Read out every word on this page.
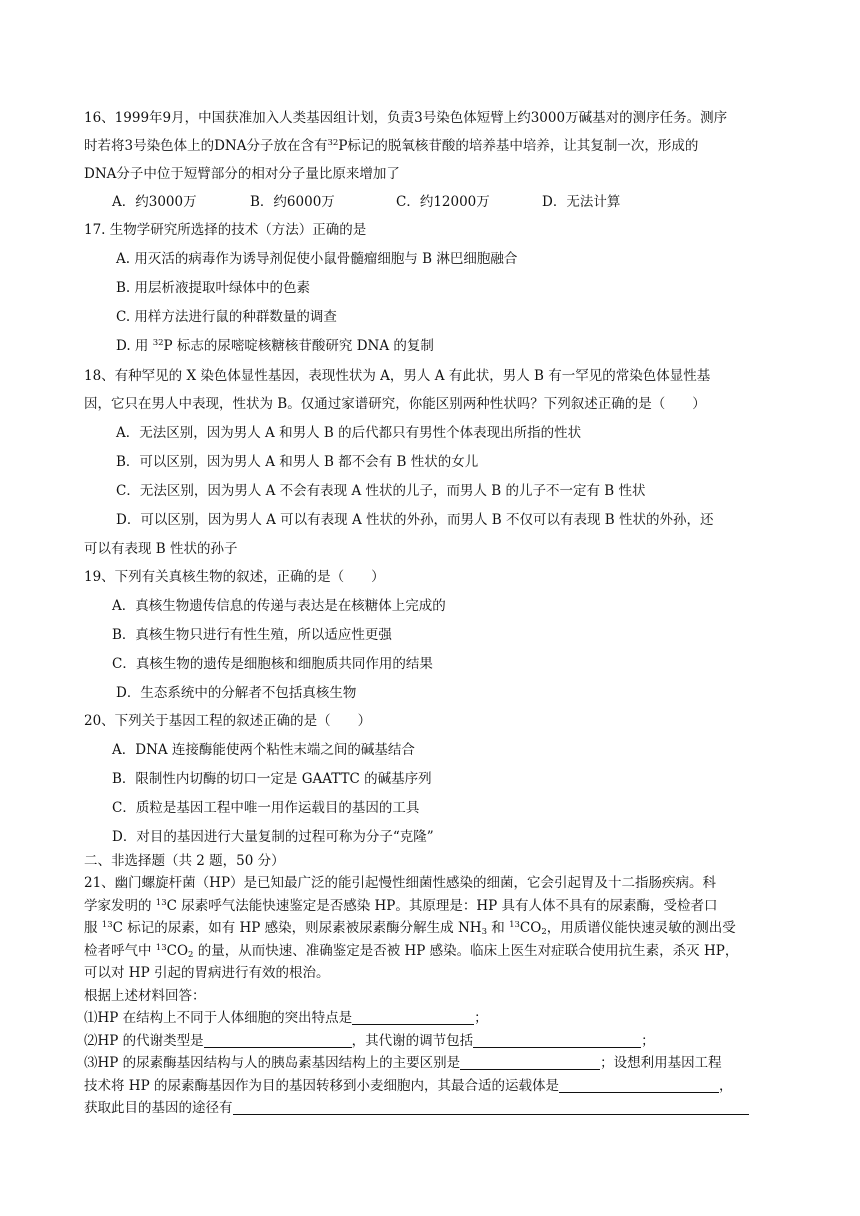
16、1999年9月，中国获准加入人类基因组计划，负责3号染色体短臂上约3000万碱基对的测序任务。测序
时若将3号染色体上的DNA分子放在含有$^{32}$P标记的脱氧核苷酸的培养基中培养，让其复制一次，形成的
DNA分子中位于短臂部分的相对分子量比原来增加了
A．约3000万	B．约6000万	C．约12000万	D．无法计算
17. 生物学研究所选择的技术（方法）正确的是
A. 用灭活的病毒作为诱导剂促使小鼠骨髓瘤细胞与 B 淋巴细胞融合
B. 用层析液提取叶绿体中的色素
C. 用样方法进行鼠的种群数量的调查
D. 用 $^{32}$P 标志的尿嘧啶核糖核苷酸研究 DNA 的复制
18、有种罕见的 X 染色体显性基因，表现性状为 A，男人 A 有此状，男人 B 有一罕见的常染色体显性基
因，它只在男人中表现，性状为 B。仅通过家谱研究，你能区别两种性状吗？下列叙述正确的是（　　）
A．无法区别，因为男人 A 和男人 B 的后代都只有男性个体表现出所指的性状
B．可以区别，因为男人 A 和男人 B 都不会有 B 性状的女儿
C．无法区别，因为男人 A 不会有表现 A 性状的儿子，而男人 B 的儿子不一定有 B 性状
D．可以区别，因为男人 A 可以有表现 A 性状的外孙，而男人 B 不仅可以有表现 B 性状的外孙，还
可以有表现 B 性状的孙子
19、下列有关真核生物的叙述，正确的是（　　）
A．真核生物遗传信息的传递与表达是在核糖体上完成的
B．真核生物只进行有性生殖，所以适应性更强
C．真核生物的遗传是细胞核和细胞质共同作用的结果
D．生态系统中的分解者不包括真核生物
20、下列关于基因工程的叙述正确的是（　　）
A．DNA 连接酶能使两个粘性末端之间的碱基结合
B．限制性内切酶的切口一定是 GAATTC 的碱基序列
C．质粒是基因工程中唯一用作运载目的基因的工具
D．对目的基因进行大量复制的过程可称为分子“克隆”
二、非选择题（共 2 题，50 分）
21、幽门螺旋杆菌（HP）是已知最广泛的能引起慢性细菌性感染的细菌，它会引起胃及十二指肠疾病。科
学家发明的 $^{13}$C 尿素呼气法能快速鉴定是否感染 HP。其原理是：HP 具有人体不具有的尿素酶，受检者口
服 $^{13}$C 标记的尿素，如有 HP 感染，则尿素被尿素酶分解生成 $NH_3$ 和 $^{13}CO_2$，用质谱仪能快速灵敏的测出受
检者呼气中 $^{13}CO_2$ 的量，从而快速、准确鉴定是否被 HP 感染。临床上医生对症联合使用抗生素，杀灭 HP，
可以对 HP 引起的胃病进行有效的根治。
根据上述材料回答：
⑴HP 在结构上不同于人体细胞的突出特点是	；
⑵HP 的代谢类型是	，其代谢的调节包括	；
⑶HP 的尿素酶基因结构与人的胰岛素基因结构上的主要区别是	；设想利用基因工程
技术将 HP 的尿素酶基因作为目的基因转移到小麦细胞内，其最合适的运载体是	，
获取此目的基因的途径有
